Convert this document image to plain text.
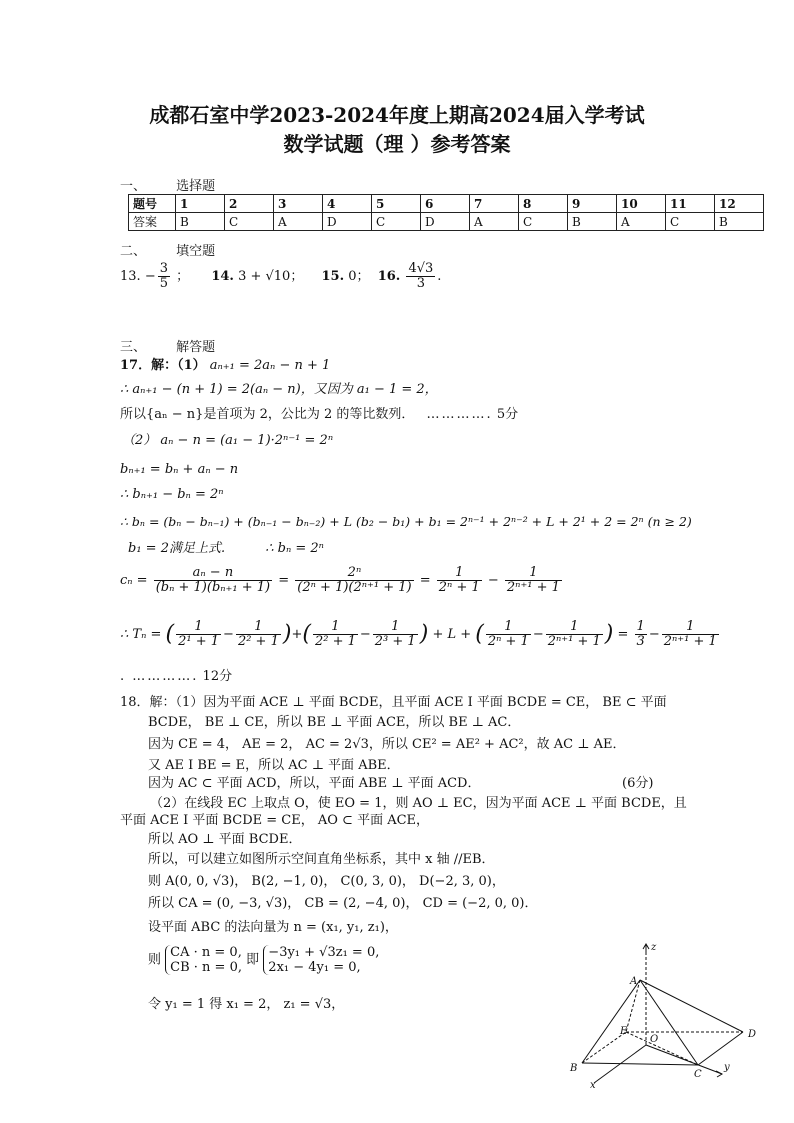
成都石室中学2023-2024年度上期高2024届入学考试
数学试题（理 ）参考答案
一、 选择题
题号	1	2	3	4	5	6	7	8	9	10	11	12
答案	B	C	A	D	C	D	A	C	B	A	C	B
二、 填空题
13. − $\frac{3}{5}$ ； 14. 3 + √10； 15. 0； 16. $\frac{4√3}{3}$ .
三、 解答题
17．解：（1） aₙ₊₁ = 2aₙ − n + 1
∴ aₙ₊₁ − (n + 1) = 2(aₙ − n)，又因为 a₁ − 1 = 2，
所以{aₙ − n}是首项为 2，公比为 2 的等比数列． …………. 5分
（2） aₙ − n = (a₁ − 1)·2ⁿ⁻¹ = 2ⁿ
bₙ₊₁ = bₙ + aₙ − n
∴ bₙ₊₁ − bₙ = 2ⁿ
∴ bₙ = (bₙ − bₙ₋₁) + (bₙ₋₁ − bₙ₋₂) + L (b₂ − b₁) + b₁ = 2ⁿ⁻¹ + 2ⁿ⁻² + L + 2¹ + 2 = 2ⁿ (n ≥ 2)
b₁ = 2满足上式.	∴ bₙ = 2ⁿ
$c_n = \frac{\text{aₙ − n}}{\text{(bₙ + 1)(bₙ₊₁ + 1)}} = \frac{\text{2ⁿ}}{\text{(2ⁿ + 1)(2ⁿ⁺¹ + 1)}} = \frac{1}{\text{2ⁿ + 1}} - \frac{1}{\text{2ⁿ⁺¹ + 1}}$
∴ Tₙ = ( $\frac{1}{\text{2¹ + 1}} - \frac{1}{\text{2² + 1}}$ )+( $\frac{1}{\text{2² + 1}} - \frac{1}{\text{2³ + 1}}$ ) + L + ( $\frac{1}{\text{2ⁿ + 1}} - \frac{1}{\text{2ⁿ⁺¹ + 1}}$ ) = $\frac{1}{3} - \frac{1}{\text{2ⁿ⁺¹ + 1}}$
. …………. 12分
18．解：（1）因为平面 ACE ⊥ 平面 BCDE，且平面 ACE I 平面 BCDE = CE， BE ⊂ 平面
BCDE， BE ⊥ CE，所以 BE ⊥ 平面 ACE，所以 BE ⊥ AC．
因为 CE = 4， AE = 2， AC = 2√3，所以 CE² = AE² + AC²，故 AC ⊥ AE．
又 AE I BE = E，所以 AC ⊥ 平面 ABE．
因为 AC ⊂ 平面 ACD，所以，平面 ABE ⊥ 平面 ACD．	(6分)
（2）在线段 EC 上取点 O，使 EO = 1，则 AO ⊥ EC，因为平面 ACE ⊥ 平面 BCDE，且
平面 ACE I 平面 BCDE = CE， AO ⊂ 平面 ACE，
所以 AO ⊥ 平面 BCDE．
所以，可以建立如图所示空间直角坐标系，其中 x 轴 //EB．
则 A(0, 0, √3)， B(2, −1, 0)， C(0, 3, 0)， D(−2, 3, 0)，
所以 CA = (0, −3, √3)， CB = (2, −4, 0)， CD = (−2, 0, 0)．
设平面 ABC 的法向量为 n = (x₁, y₁, z₁)，
则 CA · n = 0,
CB · n = 0, 即 −3y₁ + √3z₁ = 0,
2x₁ − 4y₁ = 0,
令 y₁ = 1 得 x₁ = 2， z₁ = √3，
A
B
C
D
E
O
x
y
z
